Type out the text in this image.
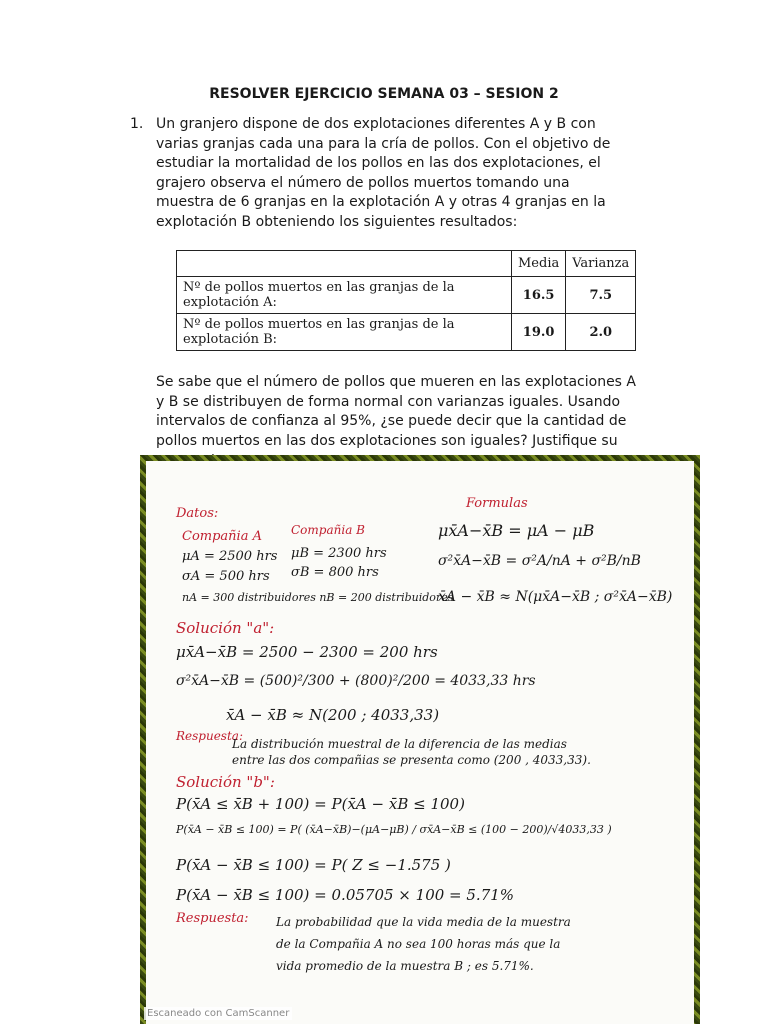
RESOLVER EJERCICIO SEMANA 03 – SESION 2
1. Un granjero dispone de dos explotaciones diferentes A y B con varias granjas cada una para la cría de pollos. Con el objetivo de estudiar la mortalidad de los pollos en las dos explotaciones, el grajero observa el número de pollos muertos tomando una muestra de 6 granjas en la explotación A y otras 4 granjas en la explotación B obteniendo los siguientes resultados:
	Media	Varianza
Nº de pollos muertos en las granjas de la explotación A:	16.5	7.5
Nº de pollos muertos en las granjas de la explotación B:	19.0	2.0
Se sabe que el número de pollos que mueren en las explotaciones A y B se distribuyen de forma normal con varianzas iguales. Usando intervalos de confianza al 95%, ¿se puede decir que la cantidad de pollos muertos en las dos explotaciones son iguales? Justifique su
Datos:
Formulas
Compañia A Compañia B
μA = 2500 hrs μB = 2300 hrs
σA = 500 hrs σB = 800 hrs
nA = 300 distribuidores nB = 200 distribuidores
μx̄A−x̄B = μA − μB
σ²x̄A−x̄B = σ²A/nA + σ²B/nB
x̄A − x̄B ≈ N(μx̄A−x̄B ; σ²x̄A−x̄B)
Solución "a":
μx̄A−x̄B = 2500 − 2300 = 200 hrs
σ²x̄A−x̄B = (500)²/300 + (800)²/200 = 4033,33 hrs
x̄A − x̄B ≈ N(200 ; 4033,33)
Respuesta:
La distribución muestral de la diferencia de las medias
entre las dos compañias se presenta como (200 , 4033,33).
Solución "b":
P(x̄A ≤ x̄B + 100) = P(x̄A − x̄B ≤ 100)
P(x̄A − x̄B ≤ 100) = P( (x̄A−x̄B)−(μA−μB) / σx̄A−x̄B ≤ (100 − 200)/√4033,33 )
P(x̄A − x̄B ≤ 100) = P( Z ≤ −1.575 )
P(x̄A − x̄B ≤ 100) = 0.05705 × 100 = 5.71%
Respuesta: La probabilidad que la vida media de la muestra
de la Compañia A no sea 100 horas más que la
vida promedio de la muestra B ; es 5.71%.
Escaneado con CamScanner
